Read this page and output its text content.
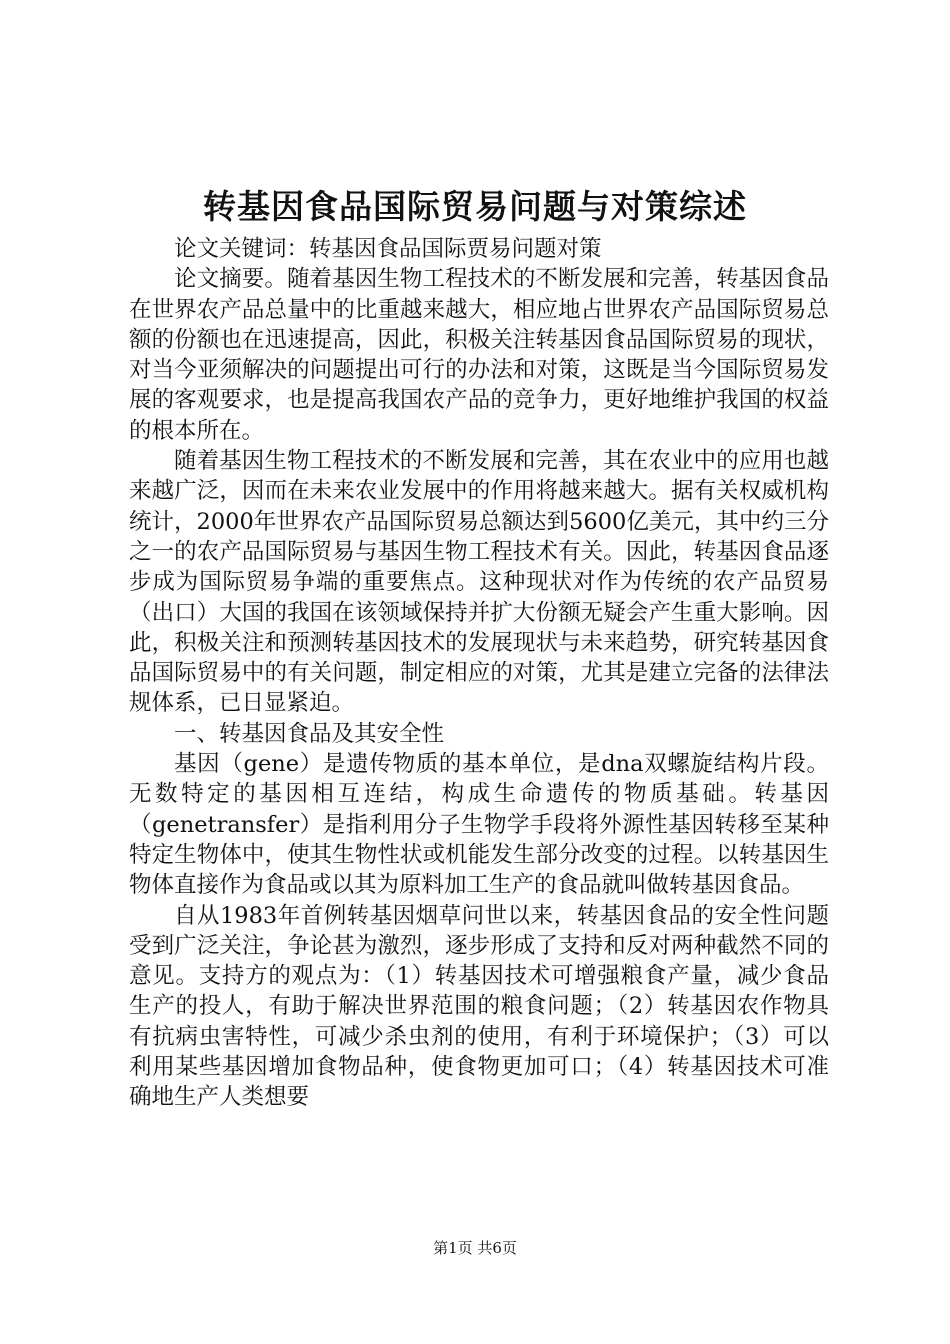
转基因食品国际贸易问题与对策综述

论文关键词：转基因食品国际贾易问题对策

论文摘要。随着基因生物工程技术的不断发展和完善，转基因食品在世界农产品总量中的比重越来越大，相应地占世界农产品国际贸易总额的份额也在迅速提高，因此，积极关注转基因食品国际贸易的现状，对当今亚须解决的问题提出可行的办法和对策，这既是当今国际贸易发展的客观要求，也是提高我国农产品的竞争力，更好地维护我国的权益的根本所在。

随着基因生物工程技术的不断发展和完善，其在农业中的应用也越来越广泛，因而在未来农业发展中的作用将越来越大。据有关权威机构统计，2000年世界农产品国际贸易总额达到5600亿美元，其中约三分之一的农产品国际贸易与基因生物工程技术有关。因此，转基因食品逐步成为国际贸易争端的重要焦点。这种现状对作为传统的农产品贸易（出口）大国的我国在该领域保持并扩大份额无疑会产生重大影响。因此，积极关注和预测转基因技术的发展现状与未来趋势，研究转基因食品国际贸易中的有关问题，制定相应的对策，尤其是建立完备的法律法规体系，已日显紧迫。

一、转基因食品及其安全性

基因（gene）是遗传物质的基本单位，是dna双螺旋结构片段。无数特定的基因相互连结，构成生命遗传的物质基础。转基因（genetransfer）是指利用分子生物学手段将外源性基因转移至某种特定生物体中，使其生物性状或机能发生部分改变的过程。以转基因生物体直接作为食品或以其为原料加工生产的食品就叫做转基因食品。

自从1983年首例转基因烟草问世以来，转基因食品的安全性问题受到广泛关注，争论甚为激烈，逐步形成了支持和反对两种截然不同的意见。支持方的观点为：（1）转基因技术可增强粮食产量，减少食品生产的投人，有助于解决世界范围的粮食问题；（2）转基因农作物具有抗病虫害特性，可减少杀虫剂的使用，有利于环境保护；（3）可以利用某些基因增加食物品种，使食物更加可口；（4）转基因技术可准确地生产人类想要

第1页 共6页
